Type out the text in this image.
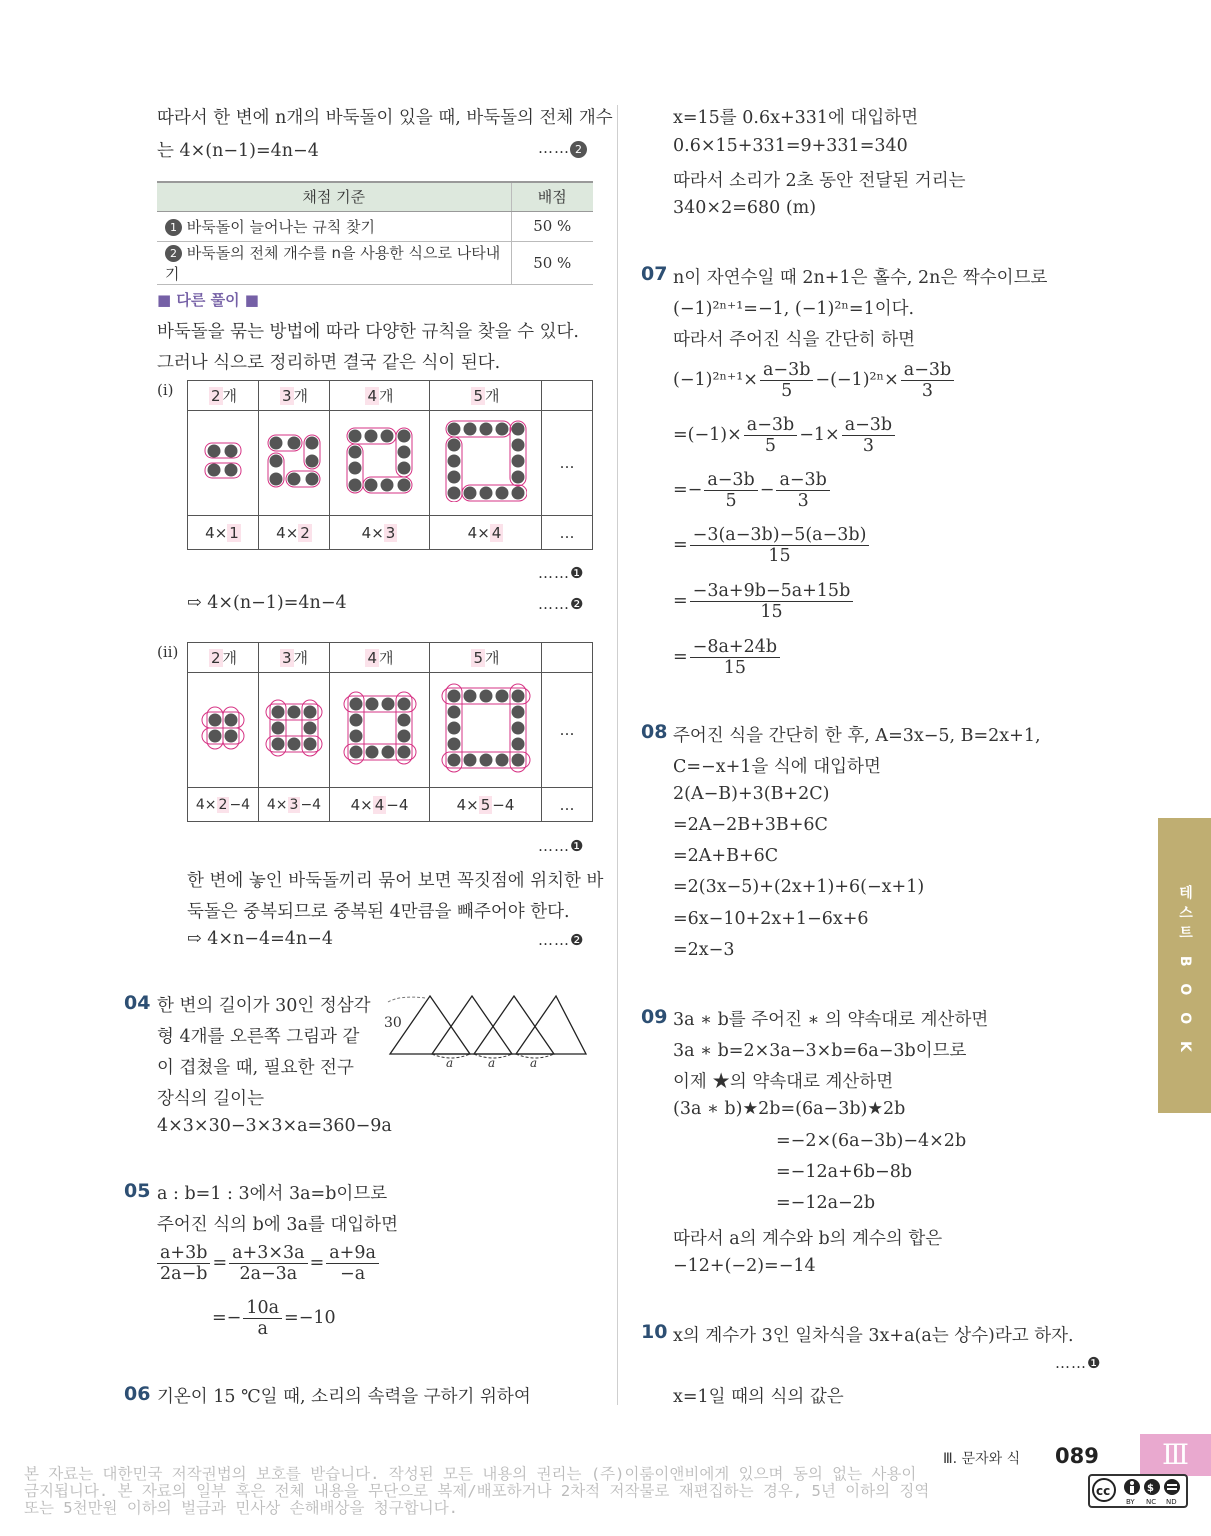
따라서 한 변에 n개의 바둑돌이 있을 때, 바둑돌의 전체 개수
는 4×(n−1)=4n−4	…… 2
채점 기준	배점
1 바둑돌이 늘어나는 규칙 찾기	50 %
2 바둑돌의 전체 개수를 n을 사용한 식으로 나타내기	50 %
■ 다른 풀이 ■
바둑돌을 묶는 방법에 따라 다양한 규칙을 찾을 수 있다.
그러나 식으로 정리하면 결국 같은 식이 된다.
(ⅰ) 2 개	3 개	4 개	5 개	
				…
4× 1	4× 2	4× 3	4× 4	…
……❶
⇨ 4×(n−1)=4n−4	……❷
(ⅱ) 2 개	3 개	4 개	5 개	
				…
4× 2 −4	4× 3 −4	4× 4 −4	4× 5 −4	…
……❶
한 변에 놓인 바둑돌끼리 묶어 보면 꼭짓점에 위치한 바
둑돌은 중복되므로 중복된 4만큼을 빼주어야 한다.
⇨ 4×n−4=4n−4	……❷
04 한 변의 길이가 30인 정삼각
형 4개를 오른쪽 그림과 같
이 겹쳤을 때, 필요한 전구
장식의 길이는
4×3×30−3×3×a=360−9a
30
a	a	a
05 a : b=1 : 3에서 3a=b이므로
주어진 식의 b에 3a를 대입하면
$\frac{a+3b}{2a-b} = \frac{a+3\times 3a}{2a-3a} = \frac{a+9a}{-a}$
=− $\frac{10a}{a} =-10$
06 기온이 15 ℃일 때, 소리의 속력을 구하기 위하여
x=15를 0.6x+331에 대입하면
0.6×15+331=9+331=340
따라서 소리가 2초 동안 전달된 거리는
340×2=680 (m)
07 n이 자연수일 때 2n+1은 홀수, 2n은 짝수이므로
(−1)²ⁿ⁺¹=−1, (−1)²ⁿ=1이다.
따라서 주어진 식을 간단히 하면
$(-1)^{2n+1}\times \frac{a-3b}{5} -(-1)^{2n}\times \frac{a-3b}{3}$
$=(-1)\times \frac{a-3b}{5} -1\times \frac{a-3b}{3}$
=− $\frac{a-3b}{5} - \frac{a-3b}{3}$
= $\frac{-3(a-3b)-5(a-3b)}{15}$
= $\frac{-3a+9b-5a+15b}{15}$
= $\frac{-8a+24b}{15}$
08 주어진 식을 간단히 한 후, A=3x−5, B=2x+1,
C=−x+1을 식에 대입하면
2(A−B)+3(B+2C)
=2A−2B+3B+6C
=2A+B+6C
=2(3x−5)+(2x+1)+6(−x+1)
=6x−10+2x+1−6x+6
=2x−3
09 3a ∗ b를 주어진 ∗ 의 약속대로 계산하면
3a ∗ b=2×3a−3×b=6a−3b이므로
이제 ★의 약속대로 계산하면
(3a ∗ b)★2b=(6a−3b)★2b
=−2×(6a−3b)−4×2b
=−12a+6b−8b
=−12a−2b
따라서 a의 계수와 b의 계수의 합은
−12+(−2)=−14
10 x의 계수가 3인 일차식을 3x+a(a는 상수)라고 하자.
……❶
x=1일 때의 식의 값은
테스트 B O O K
Ⅲ. 문자와 식 089	Ⅲ
본 자료는 대한민국 저작권법의 보호를 받습니다. 작성된 모든 내용의 권리는 (주)이룸이앤비에게 있으며 동의 없는 사용이
금지됩니다. 본 자료의 일부 혹은 전체 내용을 무단으로 복제/배포하거나 2차적 저작물로 재편집하는 경우, 5년 이하의 징역
또는 5천만원 이하의 벌금과 민사상 손해배상을 청구합니다.
cc	$
BY NC ND
